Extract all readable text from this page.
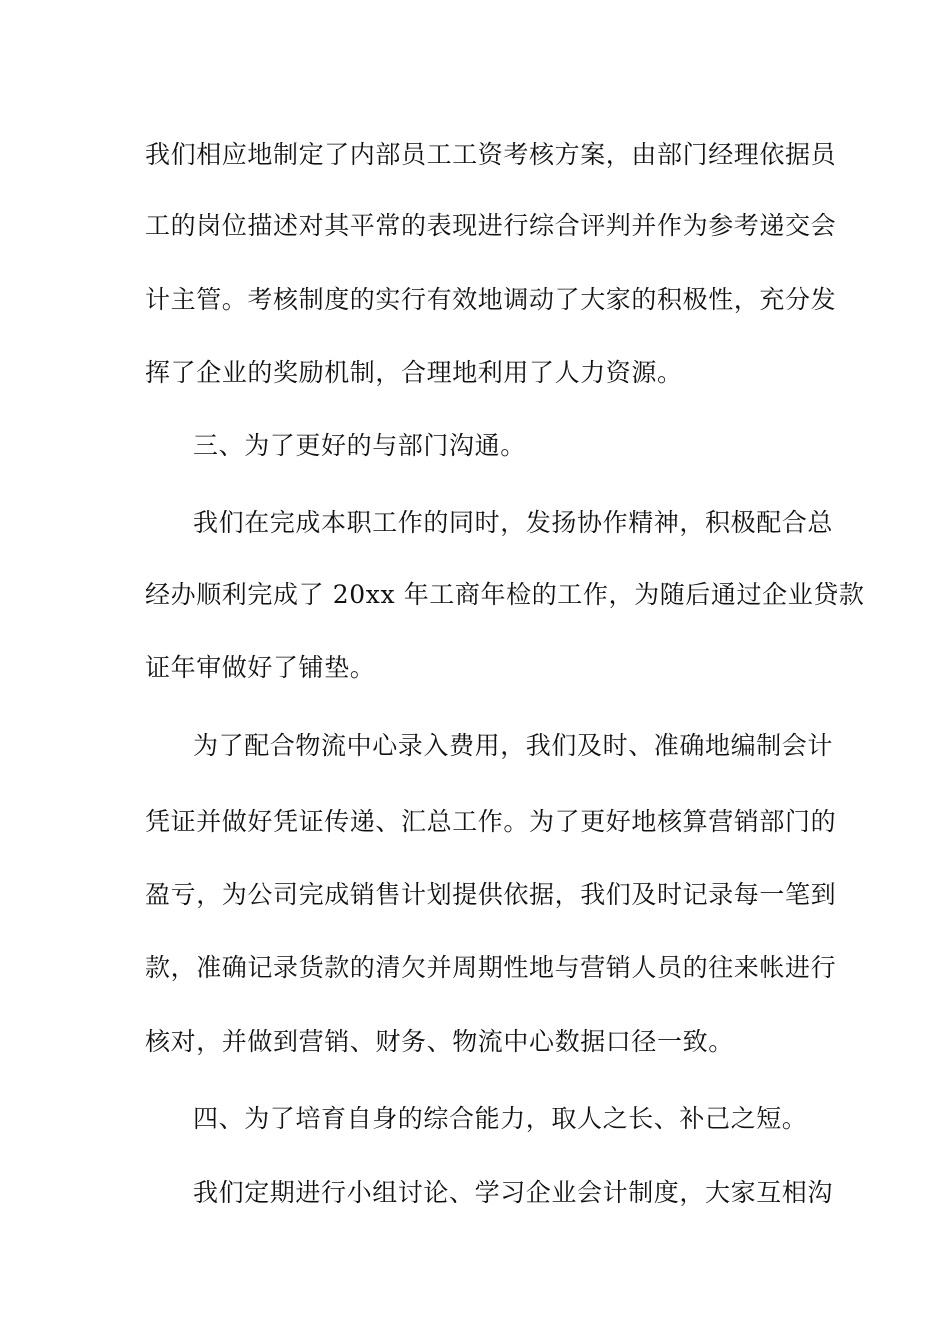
我们相应地制定了内部员工工资考核方案，由部门经理依据员
工的岗位描述对其平常的表现进行综合评判并作为参考递交会
计主管。考核制度的实行有效地调动了大家的积极性，充分发
挥了企业的奖励机制，合理地利用了人力资源。
三、为了更好的与部门沟通。
我们在完成本职工作的同时，发扬协作精神，积极配合总
经办顺利完成了 20xx 年工商年检的工作，为随后通过企业贷款
证年审做好了铺垫。
为了配合物流中心录入费用，我们及时、准确地编制会计
凭证并做好凭证传递、汇总工作。为了更好地核算营销部门的
盈亏，为公司完成销售计划提供依据，我们及时记录每一笔到
款，准确记录货款的清欠并周期性地与营销人员的往来帐进行
核对，并做到营销、财务、物流中心数据口径一致。
四、为了培育自身的综合能力，取人之长、补己之短。
我们定期进行小组讨论、学习企业会计制度，大家互相沟
